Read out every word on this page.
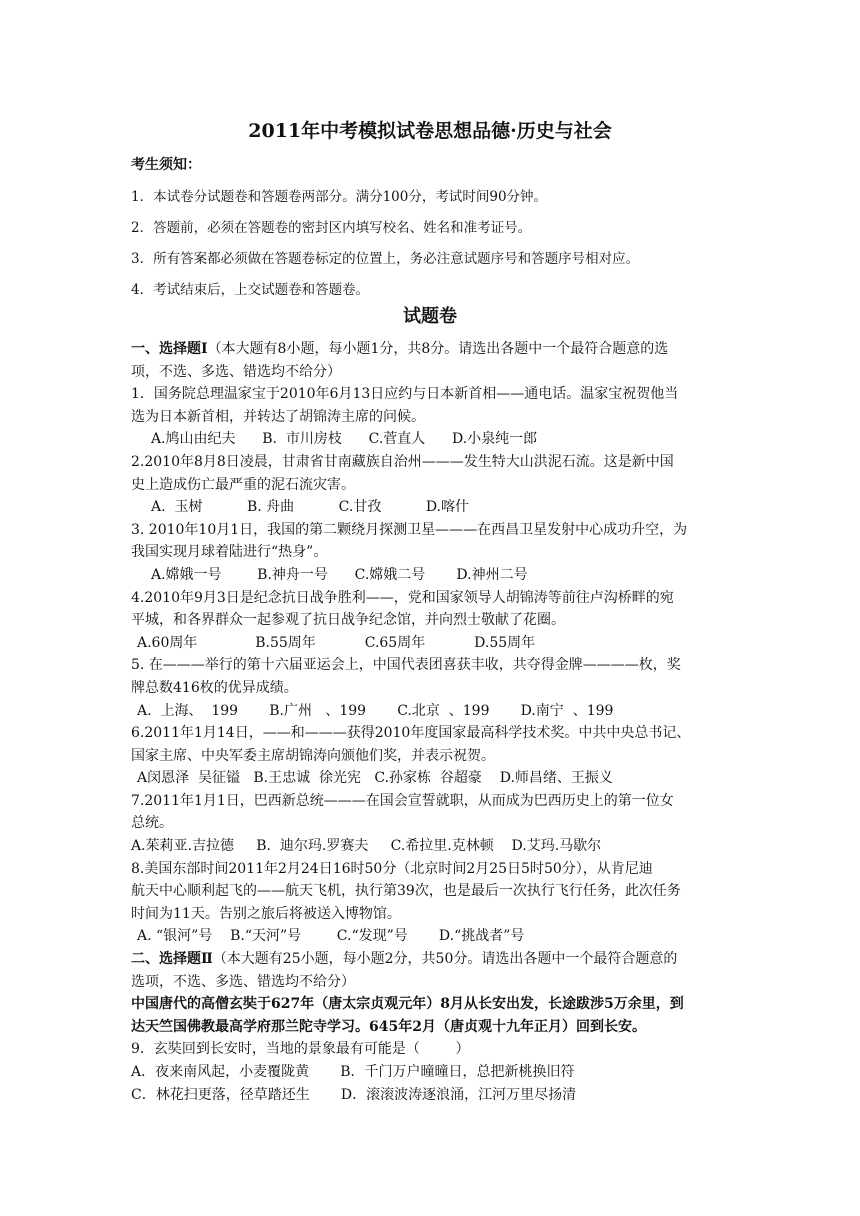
2011年中考模拟试卷思想品德·历史与社会
考生须知：
1．本试卷分试题卷和答题卷两部分。满分100分，考试时间90分钟。
2．答题前，必须在答题卷的密封区内填写校名、姓名和准考证号。
3．所有答案都必须做在答题卷标定的位置上，务必注意试题序号和答题序号相对应。
4．考试结束后，上交试题卷和答题卷。
试题卷
一、选择题Ⅰ（本大题有8小题，每小题1分，共8分。请选出各题中一个最符合题意的选
项，不选、多选、错选均不给分）
1．国务院总理温家宝于2010年6月13日应约与日本新首相——通电话。温家宝祝贺他当
选为日本新首相，并转达了胡锦涛主席的问候。
A.鸠山由纪夫      B.  市川房枝      C.菅直人      D.小泉纯一郎
2.2010年8月8日凌晨，甘肃省甘南藏族自治州———发生特大山洪泥石流。这是新中国
史上造成伤亡最严重的泥石流灾害。
A.  玉树          B. 舟曲          C.甘孜          D.喀什
3. 2010年10月1日，我国的第二颗绕月探测卫星———在西昌卫星发射中心成功升空，为
我国实现月球着陆进行“热身”。
A.嫦娥一号        B.神舟一号      C.嫦娥二号       D.神州二号
4.2010年9月3日是纪念抗日战争胜利——，党和国家领导人胡锦涛等前往卢沟桥畔的宛
平城，和各界群众一起参观了抗日战争纪念馆，并向烈士敬献了花圈。
A.60周年             B.55周年           C.65周年           D.55周年
5. 在———举行的第十六届亚运会上，中国代表团喜获丰收，共夺得金牌————枚，奖
牌总数416枚的优异成绩。
A.  上海、  199       B.广州   、199       C.北京  、199       D.南宁  、199
6.2011年1月14日，——和———获得2010年度国家最高科学技术奖。中共中央总书记、
国家主席、中央军委主席胡锦涛向颁他们奖，并表示祝贺。
A闵恩泽  吴征镒   B.王忠诚  徐光宪   C.孙家栋  谷超豪    D.师昌绪、王振义
7.2011年1月1日，巴西新总统———在国会宣誓就职，从而成为巴西历史上的第一位女
总统。
A.茱莉亚.吉拉德     B.  迪尔玛.罗赛夫     C.希拉里.克林顿    D.艾玛.马歇尔
8.美国东部时间2011年2月24日16时50分（北京时间2月25日5时50分），从肯尼迪
航天中心顺利起飞的——航天飞机，执行第39次，也是最后一次执行飞行任务，此次任务
时间为11天。告别之旅后将被送入博物馆。
A. “银河”号    B.“天河”号        C.“发现”号       D.“挑战者”号
二、选择题Ⅱ（本大题有25小题，每小题2分，共50分。请选出各题中一个最符合题意的
选项，不选、多选、错选均不给分）
中国唐代的高僧玄奘于627年（唐太宗贞观元年）8月从长安出发，长途跋涉5万余里，到
达天竺国佛教最高学府那兰陀寺学习。645年2月（唐贞观十九年正月）回到长安。
9．玄奘回到长安时，当地的景象最有可能是（        ）
A．夜来南风起，小麦覆陇黄       B．千门万户曈曈日，总把新桃换旧符
C．林花扫更落，径草踏还生       D．滚滚波涛逐浪涌，江河万里尽扬清
